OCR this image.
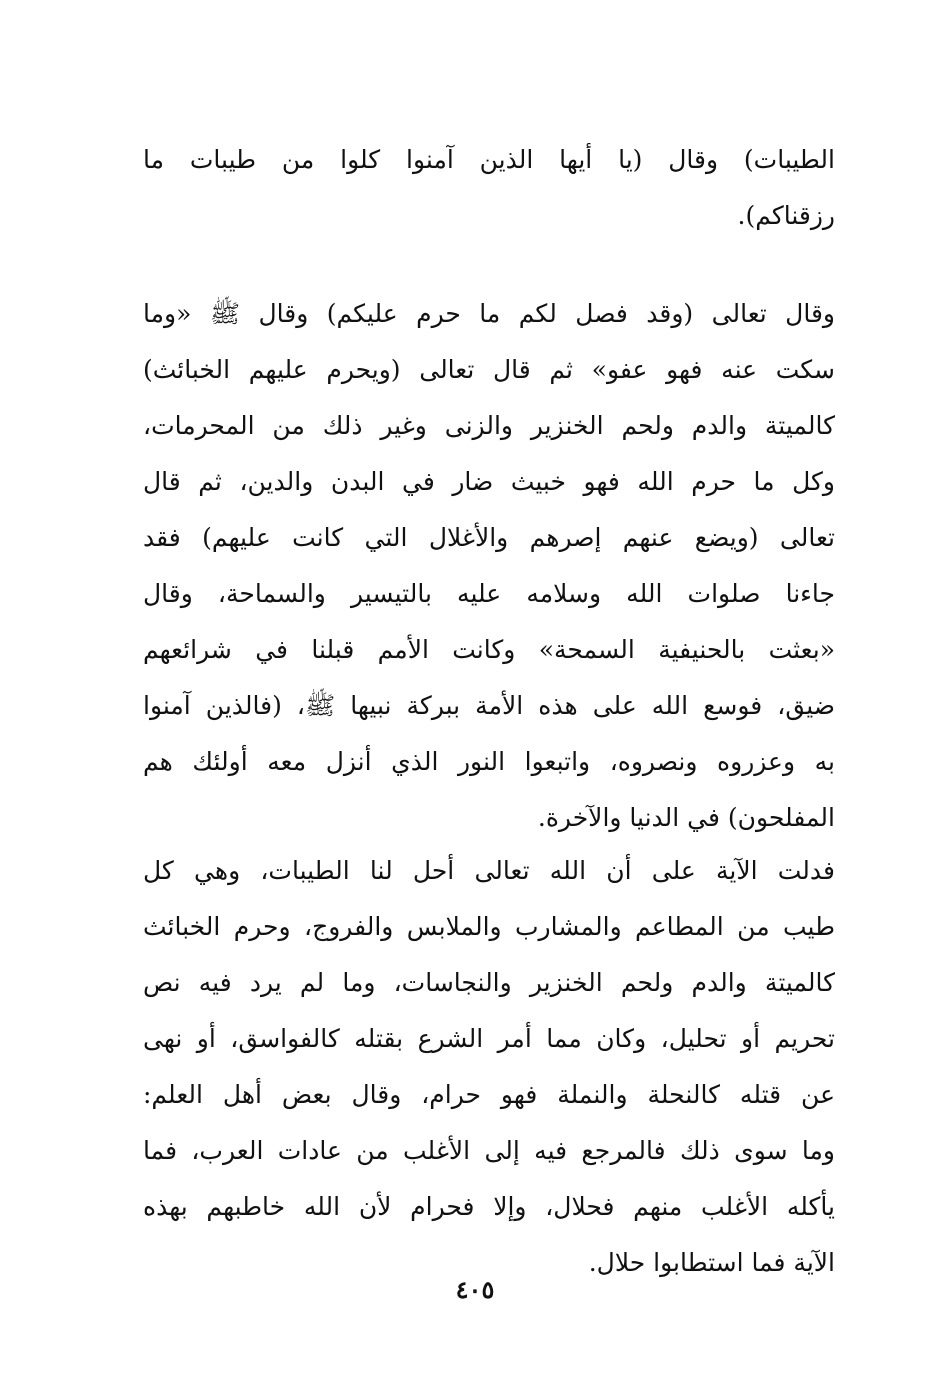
الطيبات) وقال (يا أيها الذين آمنوا كلوا من طيبات ما
رزقناكم).
وقال تعالى (وقد فصل لكم ما حرم عليكم) وقال ﷺ «وما
سكت عنه فهو عفو» ثم قال تعالى (ويحرم عليهم الخبائث)
كالميتة والدم ولحم الخنزير والزنى وغير ذلك من المحرمات،
وكل ما حرم الله فهو خبيث ضار في البدن والدين، ثم قال
تعالى (ويضع عنهم إصرهم والأغلال التي كانت عليهم) فقد
جاءنا صلوات الله وسلامه عليه بالتيسير والسماحة، وقال
«بعثت بالحنيفية السمحة» وكانت الأمم قبلنا في شرائعهم
ضيق، فوسع الله على هذه الأمة ببركة نبيها ﷺ، (فالذين آمنوا
به وعزروه ونصروه، واتبعوا النور الذي أنزل معه أولئك هم
المفلحون) في الدنيا والآخرة.
فدلت الآية على أن الله تعالى أحل لنا الطيبات، وهي كل
طيب من المطاعم والمشارب والملابس والفروج، وحرم الخبائث
كالميتة والدم ولحم الخنزير والنجاسات، وما لم يرد فيه نص
تحريم أو تحليل، وكان مما أمر الشرع بقتله كالفواسق، أو نهى
عن قتله كالنحلة والنملة فهو حرام، وقال بعض أهل العلم:
وما سوى ذلك فالمرجع فيه إلى الأغلب من عادات العرب، فما
يأكله الأغلب منهم فحلال، وإلا فحرام لأن الله خاطبهم بهذه
الآية فما استطابوا حلال.
٤٠٥
